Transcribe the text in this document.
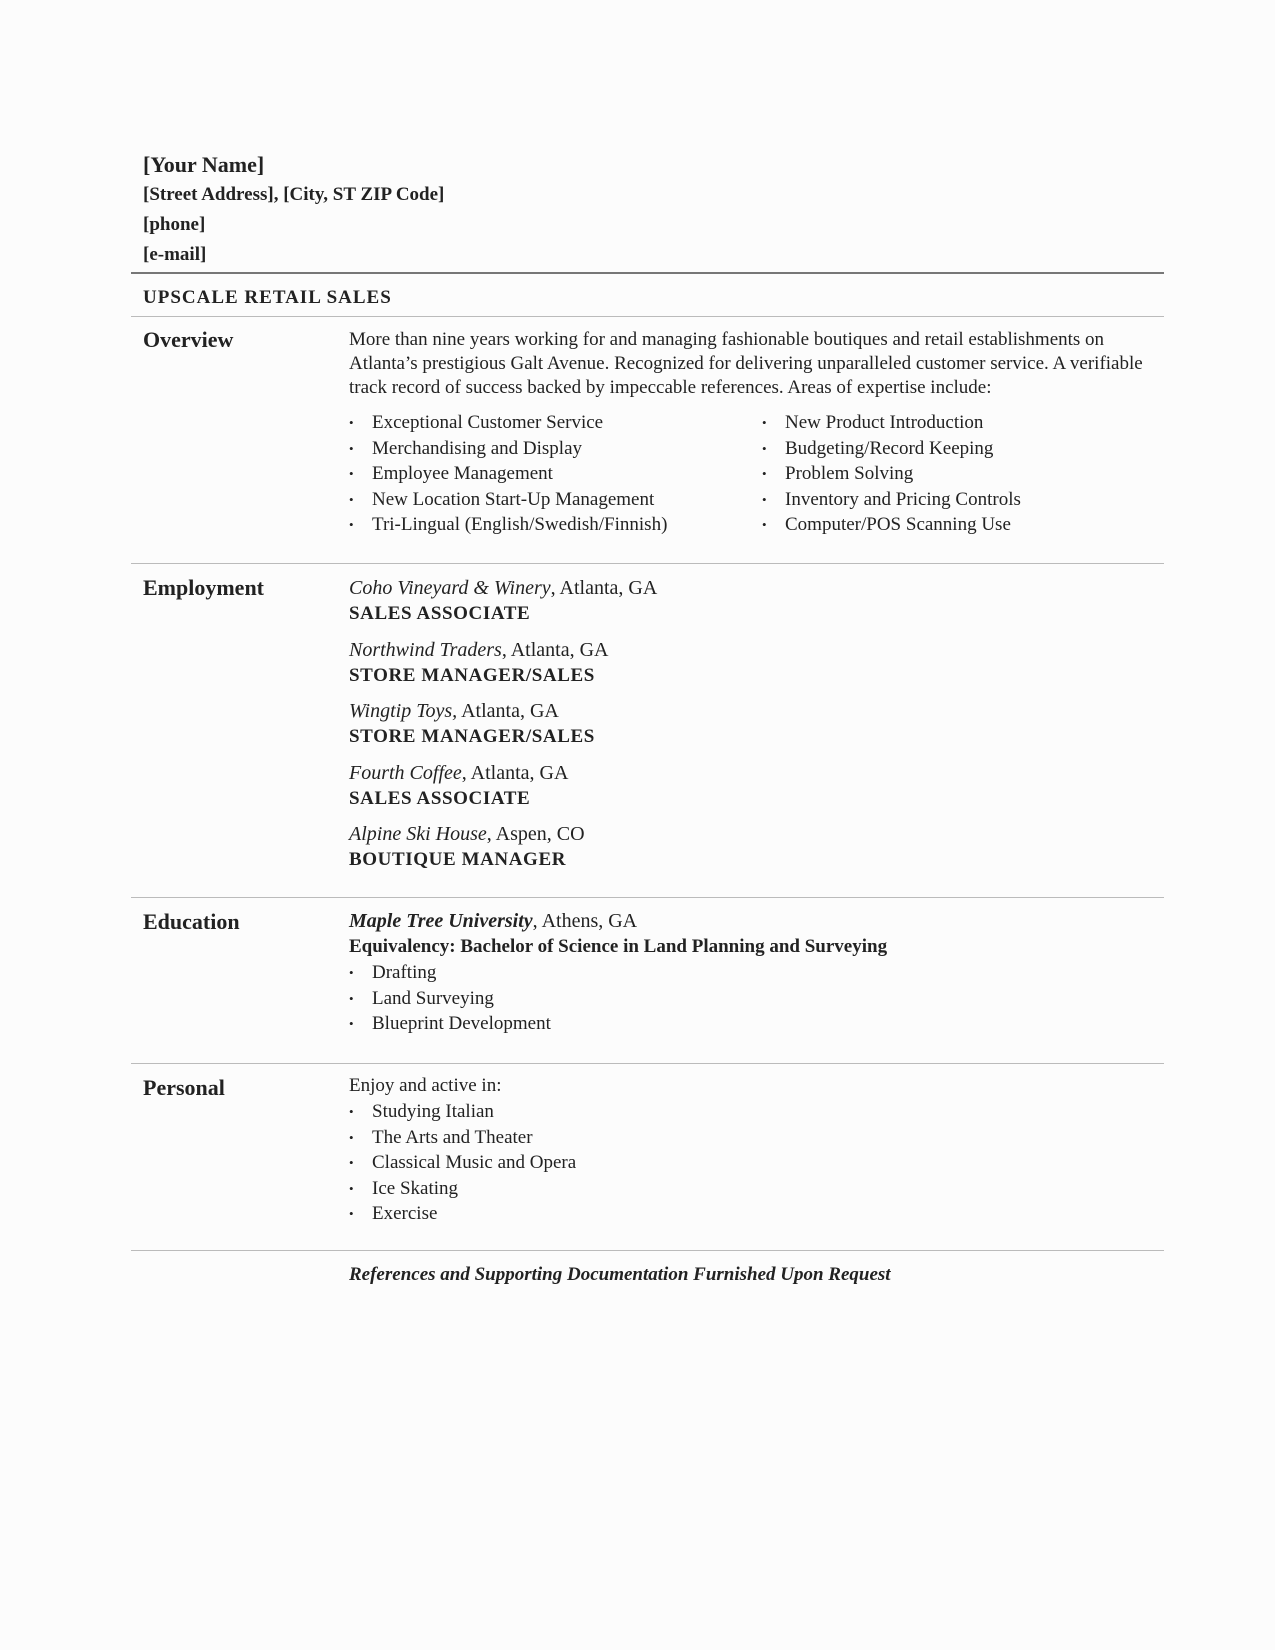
[Your Name]
[Street Address], [City, ST ZIP Code]
[phone]
[e-mail]
UPSCALE RETAIL SALES
Overview	More than nine years working for and managing fashionable boutiques and retail establishments on Atlanta’s prestigious Galt Avenue. Recognized for delivering unparalleled customer service. A verifiable track record of success backed by impeccable references. Areas of expertise include:
• Exceptional Customer Service
• Merchandising and Display
• Employee Management
• New Location Start-Up Management
• Tri-Lingual (English/Swedish/Finnish)
• New Product Introduction
• Budgeting/Record Keeping
• Problem Solving
• Inventory and Pricing Controls
• Computer/POS Scanning Use
Employment	Coho Vineyard & Winery, Atlanta, GA
SALES ASSOCIATE
Northwind Traders, Atlanta, GA
STORE MANAGER/SALES
Wingtip Toys, Atlanta, GA
STORE MANAGER/SALES
Fourth Coffee, Atlanta, GA
SALES ASSOCIATE
Alpine Ski House, Aspen, CO
BOUTIQUE MANAGER
Education	Maple Tree University, Athens, GA
Equivalency: Bachelor of Science in Land Planning and Surveying
• Drafting
• Land Surveying
• Blueprint Development
Personal	Enjoy and active in:
• Studying Italian
• The Arts and Theater
• Classical Music and Opera
• Ice Skating
• Exercise
References and Supporting Documentation Furnished Upon Request
